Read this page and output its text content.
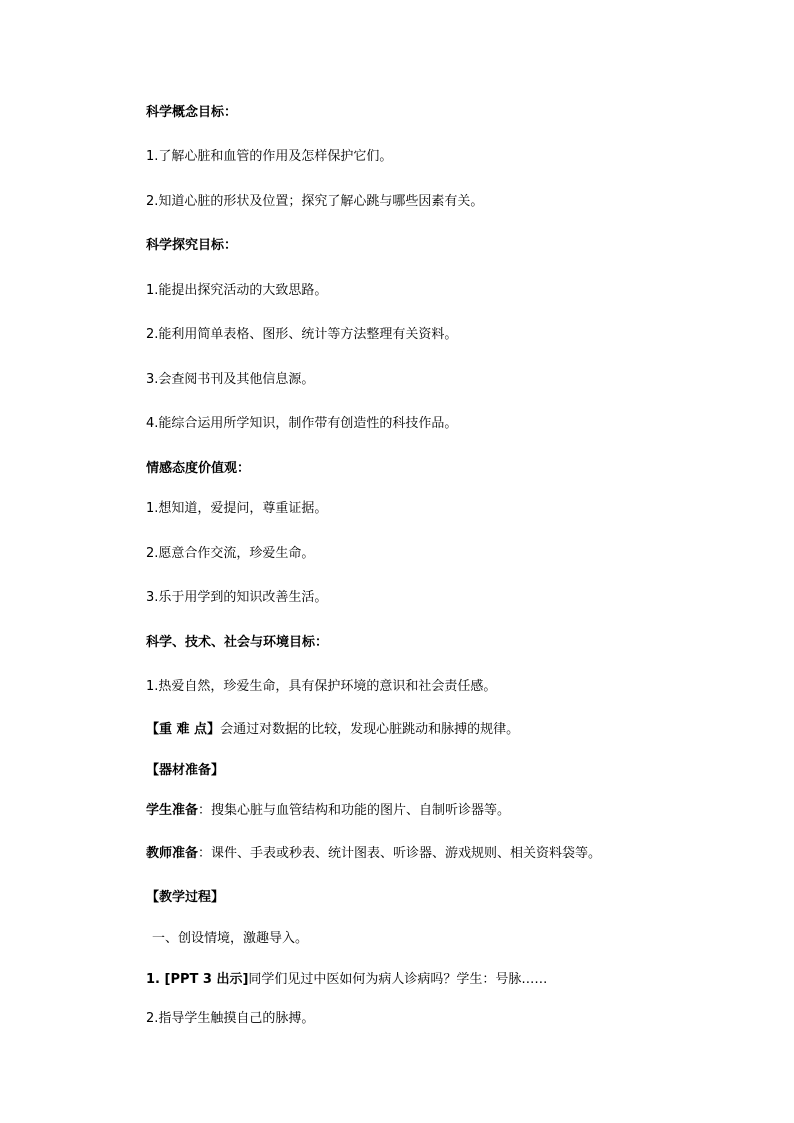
科学概念目标：
1.了解心脏和血管的作用及怎样保护它们。
2.知道心脏的形状及位置；探究了解心跳与哪些因素有关。
科学探究目标：
1.能提出探究活动的大致思路。
2.能利用简单表格、图形、统计等方法整理有关资料。
3.会查阅书刊及其他信息源。
4.能综合运用所学知识，制作带有创造性的科技作品。
情感态度价值观：
1.想知道，爱提问，尊重证据。
2.愿意合作交流，珍爱生命。
3.乐于用学到的知识改善生活。
科学、技术、社会与环境目标：
1.热爱自然，珍爱生命，具有保护环境的意识和社会责任感。
【重 难 点】会通过对数据的比较，发现心脏跳动和脉搏的规律。
【器材准备】
学生准备：搜集心脏与血管结构和功能的图片、自制听诊器等。
教师准备：课件、手表或秒表、统计图表、听诊器、游戏规则、相关资料袋等。
【教学过程】
一、创设情境，激趣导入。
1. [PPT 3 出示]同学们见过中医如何为病人诊病吗？学生：号脉……
2.指导学生触摸自己的脉搏。
